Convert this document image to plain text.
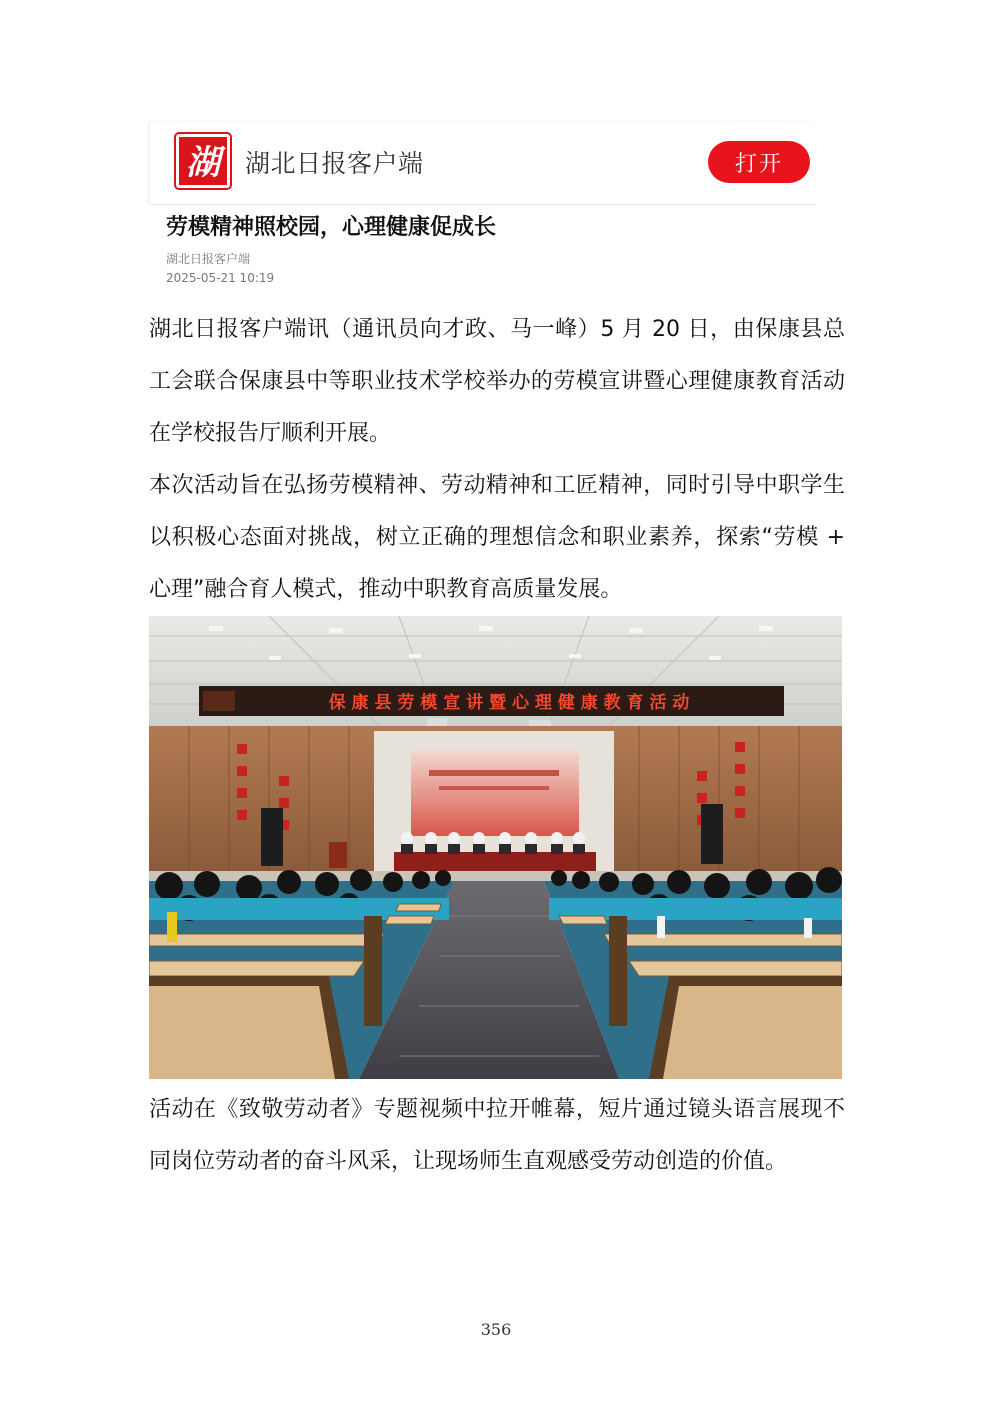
湖 湖北日报客户端	打开
劳模精神照校园，心理健康促成长
湖北日报客户端
2025-05-21 10:19

湖北日报客户端讯（通讯员向才政、马一峰）5 月 20 日，由保康县总工会联合保康县中等职业技术学校举办的劳模宣讲暨心理健康教育活动在学校报告厅顺利开展。

本次活动旨在弘扬劳模精神、劳动精神和工匠精神，同时引导中职学生以积极心态面对挑战，树立正确的理想信念和职业素养，探索“劳模 + 心理”融合育人模式，推动中职教育高质量发展。

保 康 县 劳 模 宣 讲 暨 心 理 健 康 教 育 活 动

活动在《致敬劳动者》专题视频中拉开帷幕，短片通过镜头语言展现不同岗位劳动者的奋斗风采，让现场师生直观感受劳动创造的价值。

356
